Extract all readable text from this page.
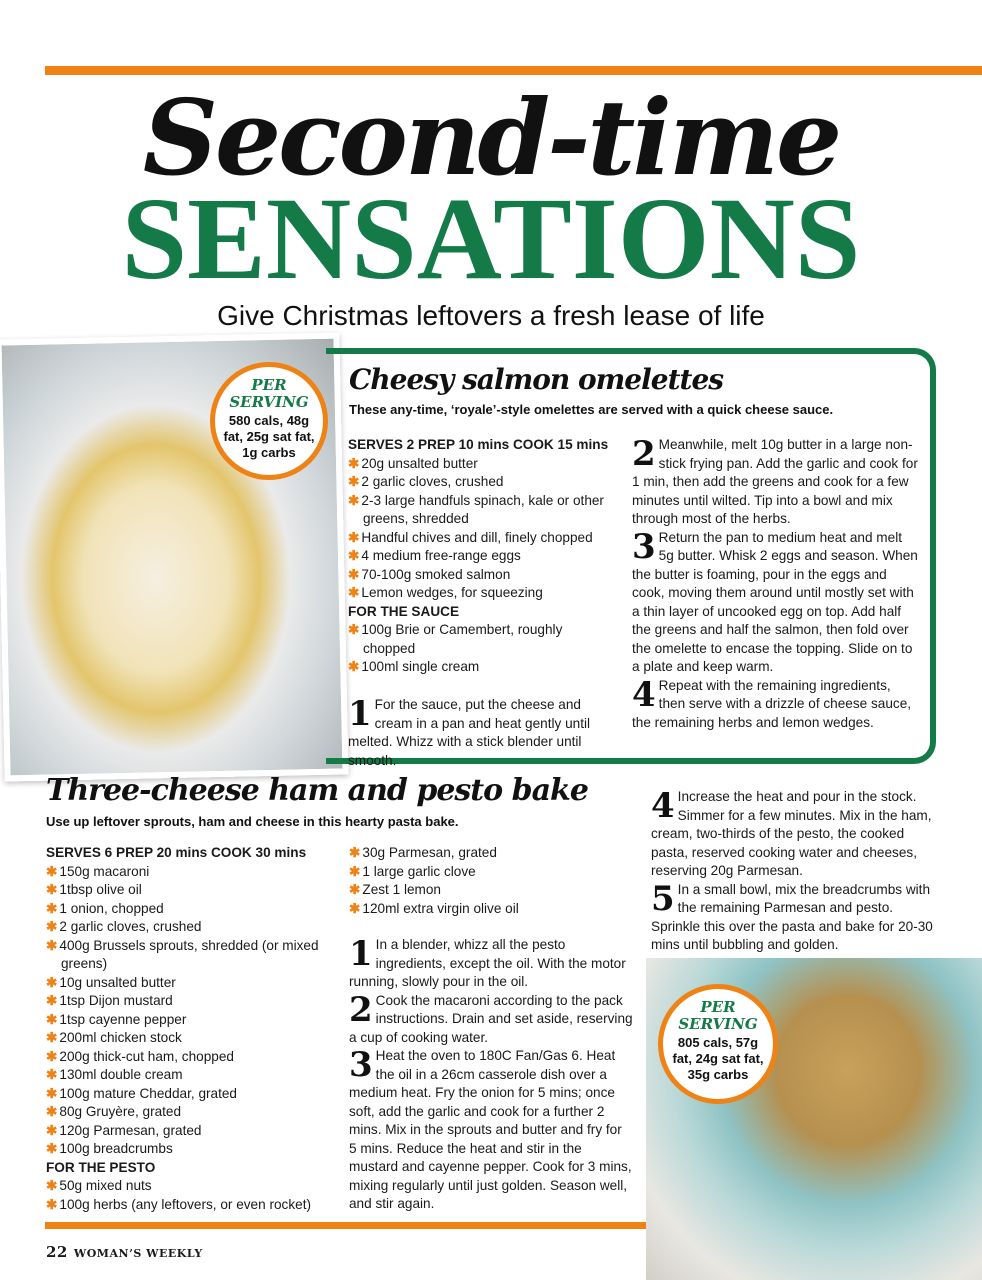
Second-time
SENSATIONS
Give Christmas leftovers a fresh lease of life
PER SERVING
580 cals, 48g fat, 25g sat fat, 1g carbs
Cheesy salmon omelettes
These any-time, ‘royale’-style omelettes are served with a quick cheese sauce.
SERVES 2 PREP 10 mins COOK 15 mins
✱ 20g unsalted butter
✱ 2 garlic cloves, crushed
✱ 2-3 large handfuls spinach, kale or other greens, shredded
✱ Handful chives and dill, finely chopped
✱ 4 medium free-range eggs
✱ 70-100g smoked salmon
✱ Lemon wedges, for squeezing
FOR THE SAUCE
✱ 100g Brie or Camembert, roughly chopped
✱ 100ml single cream
1 For the sauce, put the cheese and cream in a pan and heat gently until melted. Whizz with a stick blender until smooth.
2 Meanwhile, melt 10g butter in a large non-stick frying pan. Add the garlic and cook for 1 min, then add the greens and cook for a few minutes until wilted. Tip into a bowl and mix through most of the herbs.
3 Return the pan to medium heat and melt 5g butter. Whisk 2 eggs and season. When the butter is foaming, pour in the eggs and cook, moving them around until mostly set with a thin layer of uncooked egg on top. Add half the greens and half the salmon, then fold over the omelette to encase the topping. Slide on to a plate and keep warm.
4 Repeat with the remaining ingredients, then serve with a drizzle of cheese sauce, the remaining herbs and lemon wedges.
Three-cheese ham and pesto bake
Use up leftover sprouts, ham and cheese in this hearty pasta bake.
SERVES 6 PREP 20 mins COOK 30 mins
✱ 150g macaroni
✱ 1tbsp olive oil
✱ 1 onion, chopped
✱ 2 garlic cloves, crushed
✱ 400g Brussels sprouts, shredded (or mixed greens)
✱ 10g unsalted butter
✱ 1tsp Dijon mustard
✱ 1tsp cayenne pepper
✱ 200ml chicken stock
✱ 200g thick-cut ham, chopped
✱ 130ml double cream
✱ 100g mature Cheddar, grated
✱ 80g Gruyère, grated
✱ 120g Parmesan, grated
✱ 100g breadcrumbs
FOR THE PESTO
✱ 50g mixed nuts
✱ 100g herbs (any leftovers, or even rocket)
✱ 30g Parmesan, grated
✱ 1 large garlic clove
✱ Zest 1 lemon
✱ 120ml extra virgin olive oil
1 In a blender, whizz all the pesto ingredients, except the oil. With the motor running, slowly pour in the oil.
2 Cook the macaroni according to the pack instructions. Drain and set aside, reserving a cup of cooking water.
3 Heat the oven to 180C Fan/Gas 6. Heat the oil in a 26cm casserole dish over a medium heat. Fry the onion for 5 mins; once soft, add the garlic and cook for a further 2 mins. Mix in the sprouts and butter and fry for 5 mins. Reduce the heat and stir in the mustard and cayenne pepper. Cook for 3 mins, mixing regularly until just golden. Season well, and stir again.
4 Increase the heat and pour in the stock. Simmer for a few minutes. Mix in the ham, cream, two-thirds of the pesto, the cooked pasta, reserved cooking water and cheeses, reserving 20g Parmesan.
5 In a small bowl, mix the breadcrumbs with the remaining Parmesan and pesto. Sprinkle this over the pasta and bake for 20-30 mins until bubbling and golden.
PER SERVING
805 cals, 57g fat, 24g sat fat, 35g carbs
22 WOMAN’S WEEKLY
